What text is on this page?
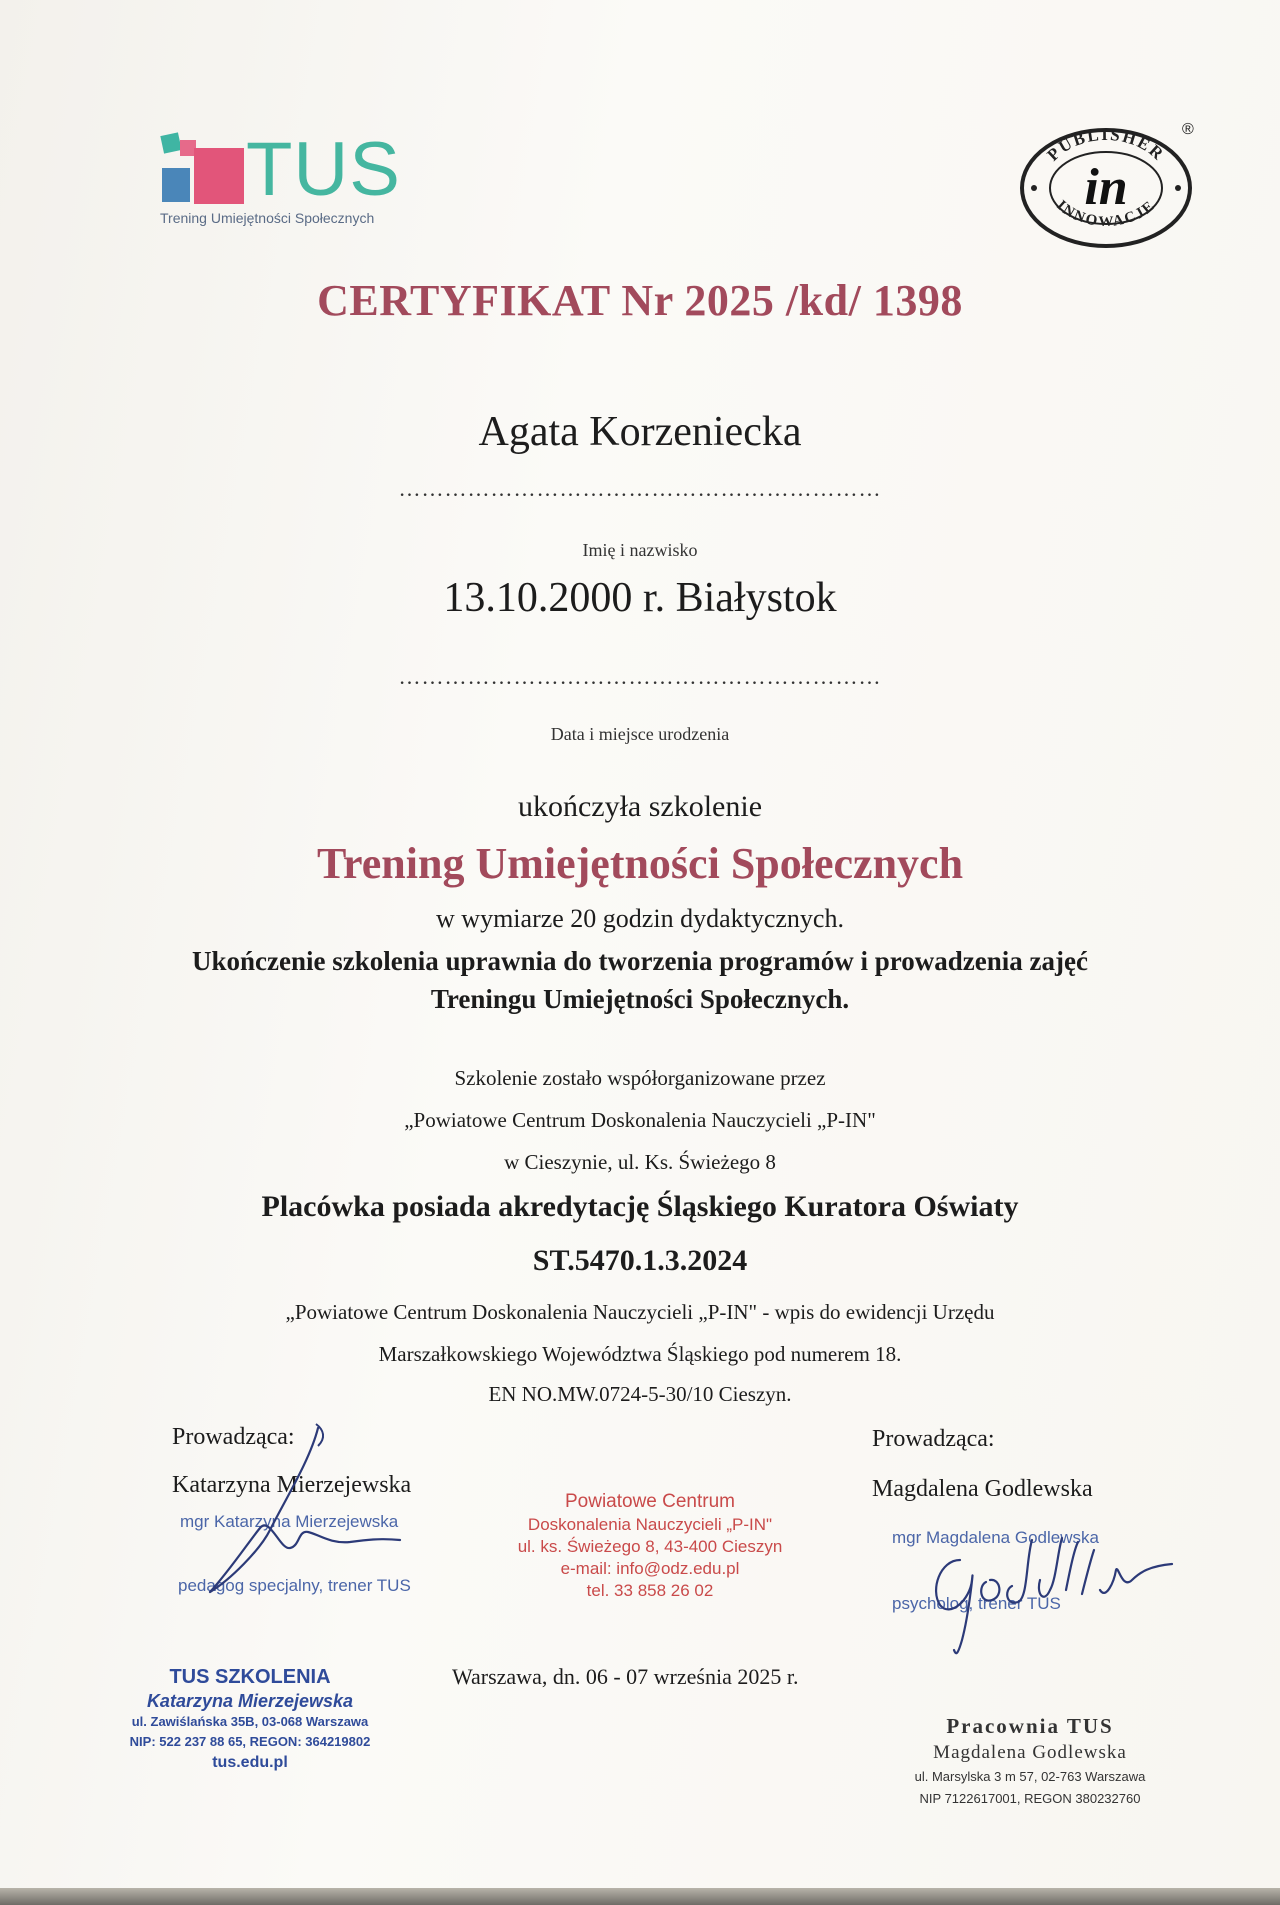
TUS
Trening Umiejętności Społecznych
PUBLISHER
INNOWACJE
in
®
CERTYFIKAT Nr 2025 /kd/ 1398
Agata Korzeniecka
………………………………………………………
Imię i nazwisko
13.10.2000 r. Białystok
………………………………………………………
Data i miejsce urodzenia
ukończyła szkolenie
Trening Umiejętności Społecznych
w wymiarze 20 godzin dydaktycznych.
Ukończenie szkolenia uprawnia do tworzenia programów i prowadzenia zajęć
Treningu Umiejętności Społecznych.
Szkolenie zostało współorganizowane przez
„Powiatowe Centrum Doskonalenia Nauczycieli „P-IN"
w Cieszynie, ul. Ks. Świeżego 8
Placówka posiada akredytację Śląskiego Kuratora Oświaty
ST.5470.1.3.2024
„Powiatowe Centrum Doskonalenia Nauczycieli „P-IN" - wpis do ewidencji Urzędu
Marszałkowskiego Województwa Śląskiego pod numerem 18.
EN NO.MW.0724-5-30/10 Cieszyn.
Prowadząca:
Katarzyna Mierzejewska
mgr Katarzyna Mierzejewska
pedagog specjalny, trener TUS
Powiatowe Centrum
Doskonalenia Nauczycieli „P-IN"
ul. ks. Świeżego 8, 43-400 Cieszyn
e-mail: info@odz.edu.pl
tel. 33 858 26 02
Prowadząca:
Magdalena Godlewska
mgr Magdalena Godlewska
psycholog, trener TUS
Warszawa, dn. 06 - 07 września 2025 r.
TUS SZKOLENIA
Katarzyna Mierzejewska
ul. Zawiślańska 35B, 03-068 Warszawa
NIP: 522 237 88 65, REGON: 364219802
tus.edu.pl
Pracownia TUS
Magdalena Godlewska
ul. Marsylska 3 m 57, 02-763 Warszawa
NIP 7122617001, REGON 380232760
